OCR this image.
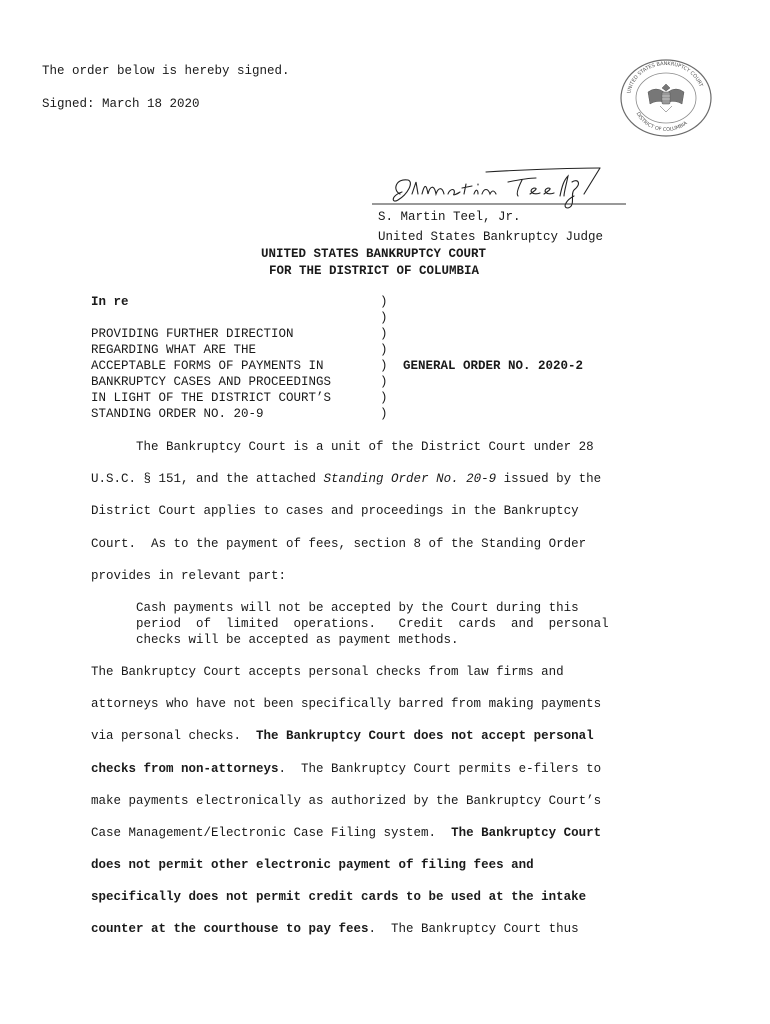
The order below is hereby signed.
Signed: March 18 2020
UNITED STATES BANKRUPTCY COURT
DISTRICT OF COLUMBIA
S. Martin Teel, Jr.
United States Bankruptcy Judge
UNITED STATES BANKRUPTCY COURT
FOR THE DISTRICT OF COLUMBIA
In re
PROVIDING FURTHER DIRECTION
REGARDING WHAT ARE THE
ACCEPTABLE FORMS OF PAYMENTS IN
BANKRUPTCY CASES AND PROCEEDINGS
IN LIGHT OF THE DISTRICT COURT’S
STANDING ORDER NO. 20-9
)
)
)
)
)
)
)
)
GENERAL ORDER NO. 2020-2
The Bankruptcy Court is a unit of the District Court under 28
U.S.C. § 151, and the attached Standing Order No. 20-9 issued by the
District Court applies to cases and proceedings in the Bankruptcy
Court.  As to the payment of fees, section 8 of the Standing Order
provides in relevant part:
Cash payments will not be accepted by the Court during this
period  of  limited  operations.   Credit  cards  and  personal
checks will be accepted as payment methods.
The Bankruptcy Court accepts personal checks from law firms and
attorneys who have not been specifically barred from making payments
via personal checks.  The Bankruptcy Court does not accept personal
checks from non-attorneys.  The Bankruptcy Court permits e-filers to
make payments electronically as authorized by the Bankruptcy Court’s
Case Management/Electronic Case Filing system.  The Bankruptcy Court
does not permit other electronic payment of filing fees and
specifically does not permit credit cards to be used at the intake
counter at the courthouse to pay fees.  The Bankruptcy Court thus
